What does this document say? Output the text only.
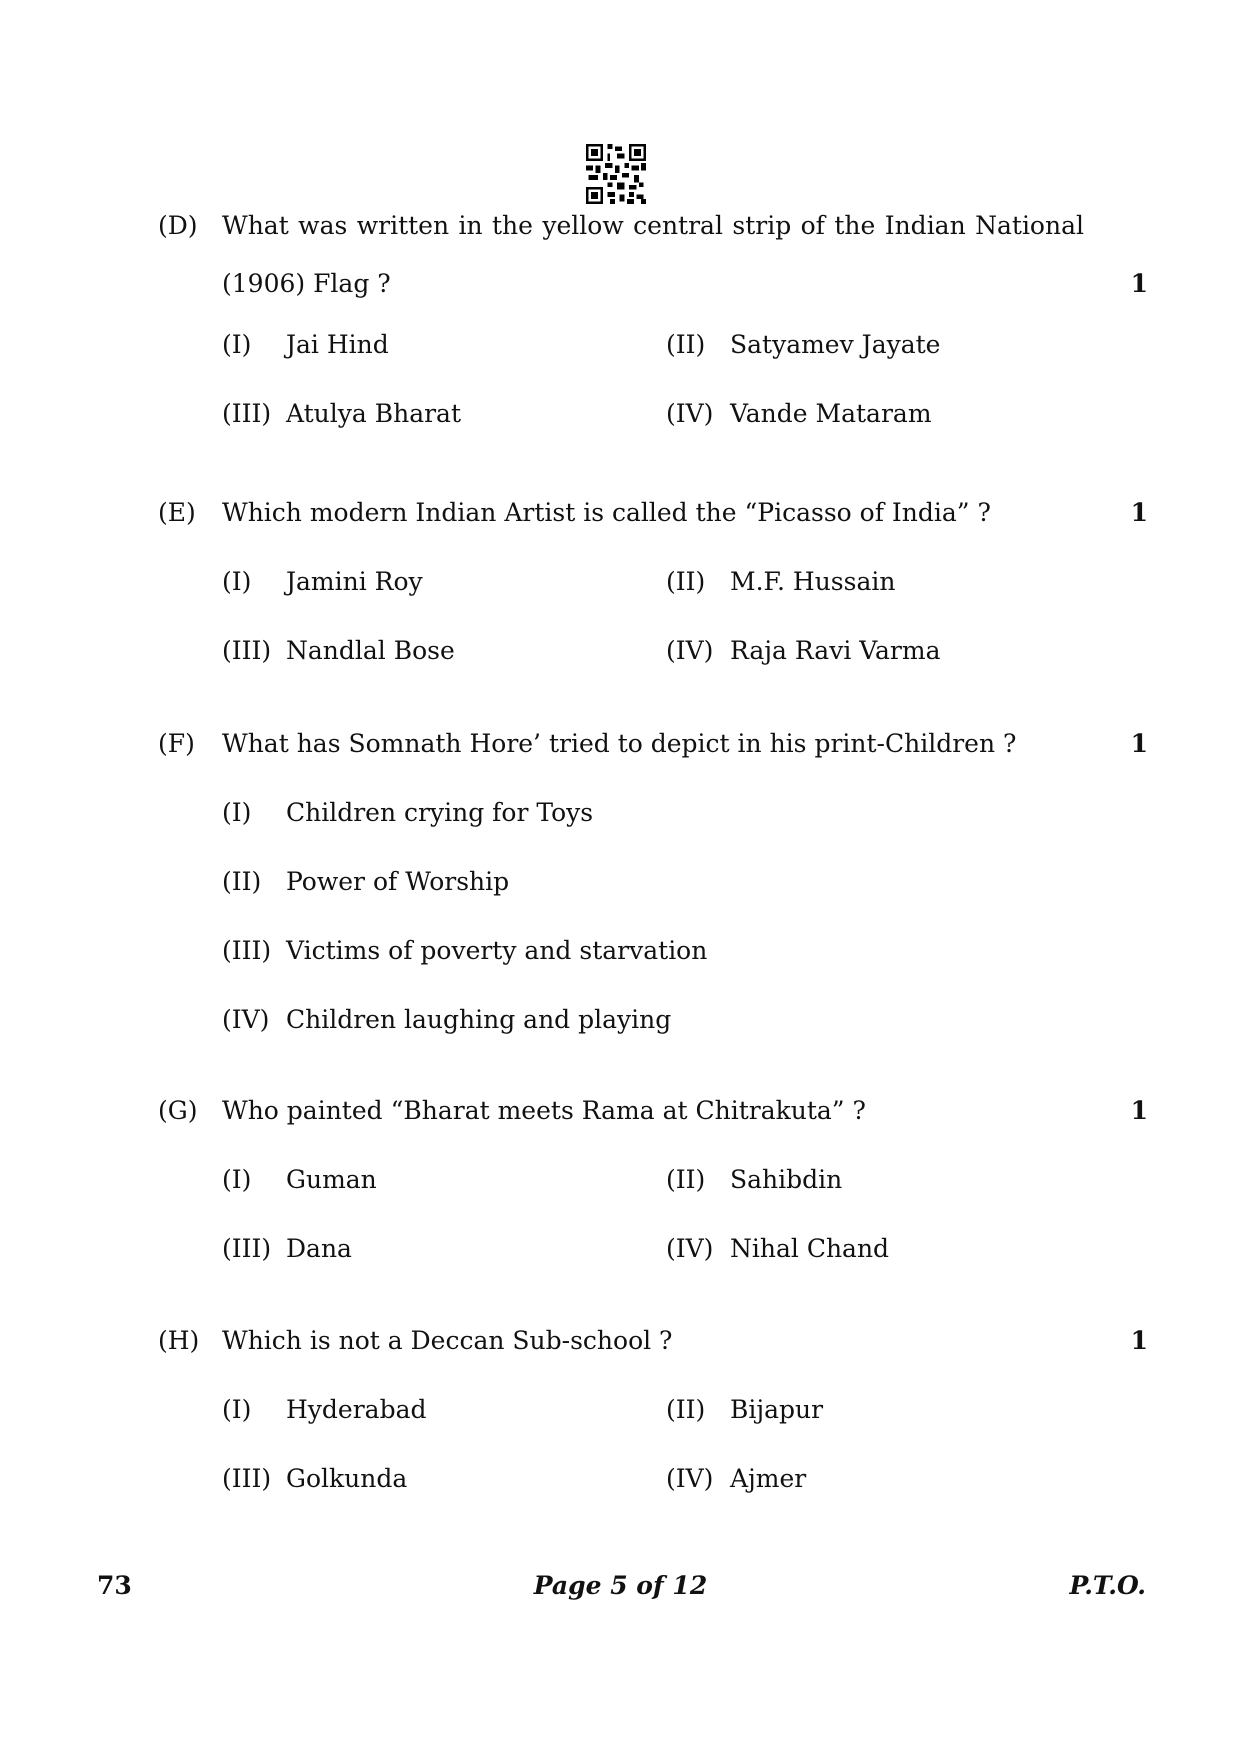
(D) What was written in the yellow central strip of the Indian National
(1906) Flag ?	1
(I) Jai Hind	(II) Satyamev Jayate
(III) Atulya Bharat	(IV) Vande Mataram
(E) Which modern Indian Artist is called the “Picasso of India” ?	1
(I) Jamini Roy	(II) M.F. Hussain
(III) Nandlal Bose	(IV) Raja Ravi Varma
(F) What has Somnath Hore’ tried to depict in his print-Children ?	1
(I) Children crying for Toys
(II) Power of Worship
(III) Victims of poverty and starvation
(IV) Children laughing and playing
(G) Who painted “Bharat meets Rama at Chitrakuta” ?	1
(I) Guman	(II) Sahibdin
(III) Dana	(IV) Nihal Chand
(H) Which is not a Deccan Sub-school ?	1
(I) Hyderabad	(II) Bijapur
(III) Golkunda	(IV) Ajmer
73	Page 5 of 12	P.T.O.
